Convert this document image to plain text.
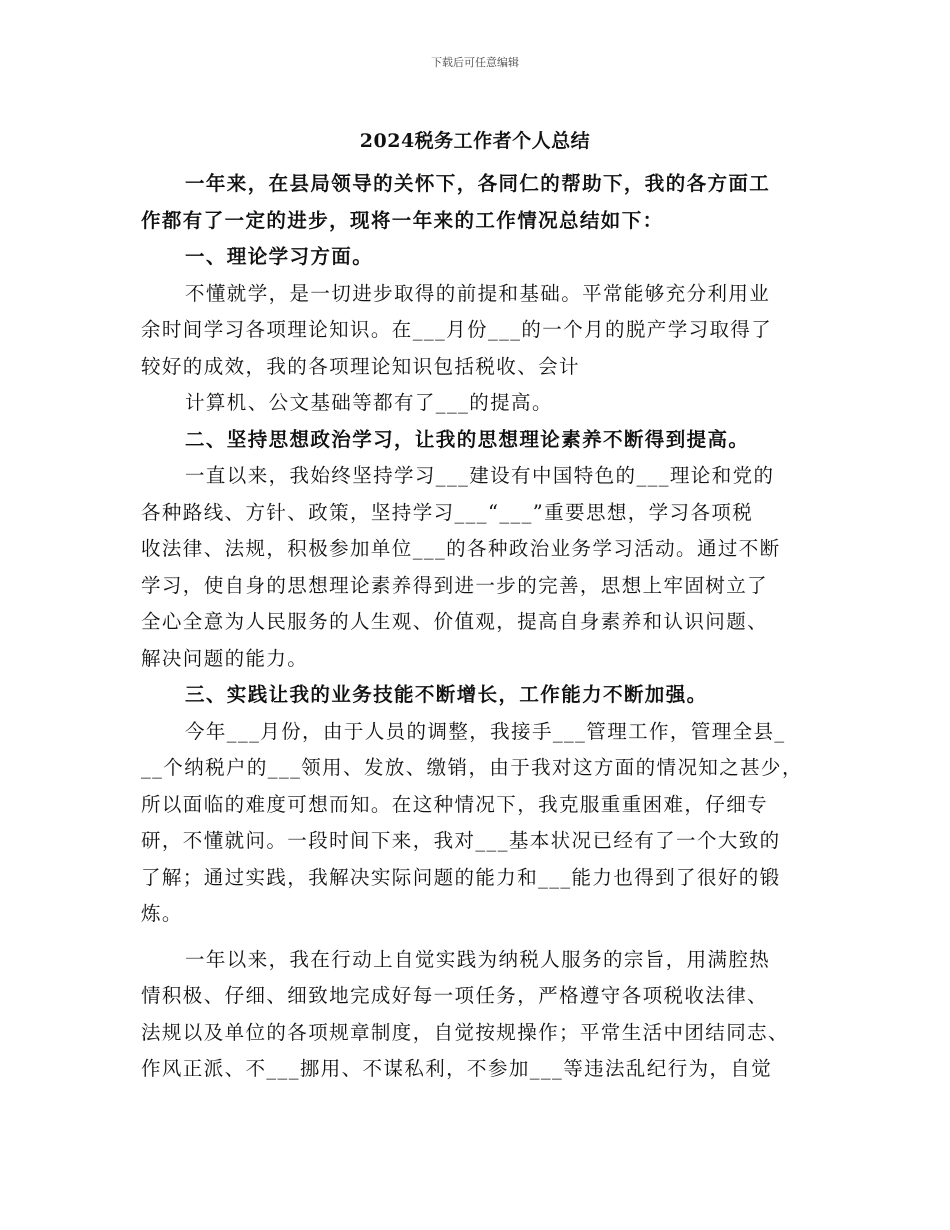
下载后可任意编辑
2024税务工作者个人总结
一年来，在县局领导的关怀下，各同仁的帮助下，我的各方面工
作都有了一定的进步，现将一年来的工作情况总结如下：
一、理论学习方面。
不懂就学，是一切进步取得的前提和基础。平常能够充分利用业
余时间学习各项理论知识。在___月份___的一个月的脱产学习取得了
较好的成效，我的各项理论知识包括税收、会计
计算机、公文基础等都有了___的提高。
二、坚持思想政治学习，让我的思想理论素养不断得到提高。
一直以来，我始终坚持学习___建设有中国特色的___理论和党的
各种路线、方针、政策，坚持学习___“___”重要思想，学习各项税
收法律、法规，积极参加单位___的各种政治业务学习活动。通过不断
学习，使自身的思想理论素养得到进一步的完善，思想上牢固树立了
全心全意为人民服务的人生观、价值观，提高自身素养和认识问题、
解决问题的能力。
三、实践让我的业务技能不断增长，工作能力不断加强。
今年___月份，由于人员的调整，我接手___管理工作，管理全县_
__个纳税户的___领用、发放、缴销，由于我对这方面的情况知之甚少，
所以面临的难度可想而知。在这种情况下，我克服重重困难，仔细专
研，不懂就问。一段时间下来，我对___基本状况已经有了一个大致的
了解；通过实践，我解决实际问题的能力和___能力也得到了很好的锻
炼。
一年以来，我在行动上自觉实践为纳税人服务的宗旨，用满腔热
情积极、仔细、细致地完成好每一项任务，严格遵守各项税收法律、
法规以及单位的各项规章制度，自觉按规操作；平常生活中团结同志、
作风正派、不___挪用、不谋私利，不参加___等违法乱纪行为，自觉
